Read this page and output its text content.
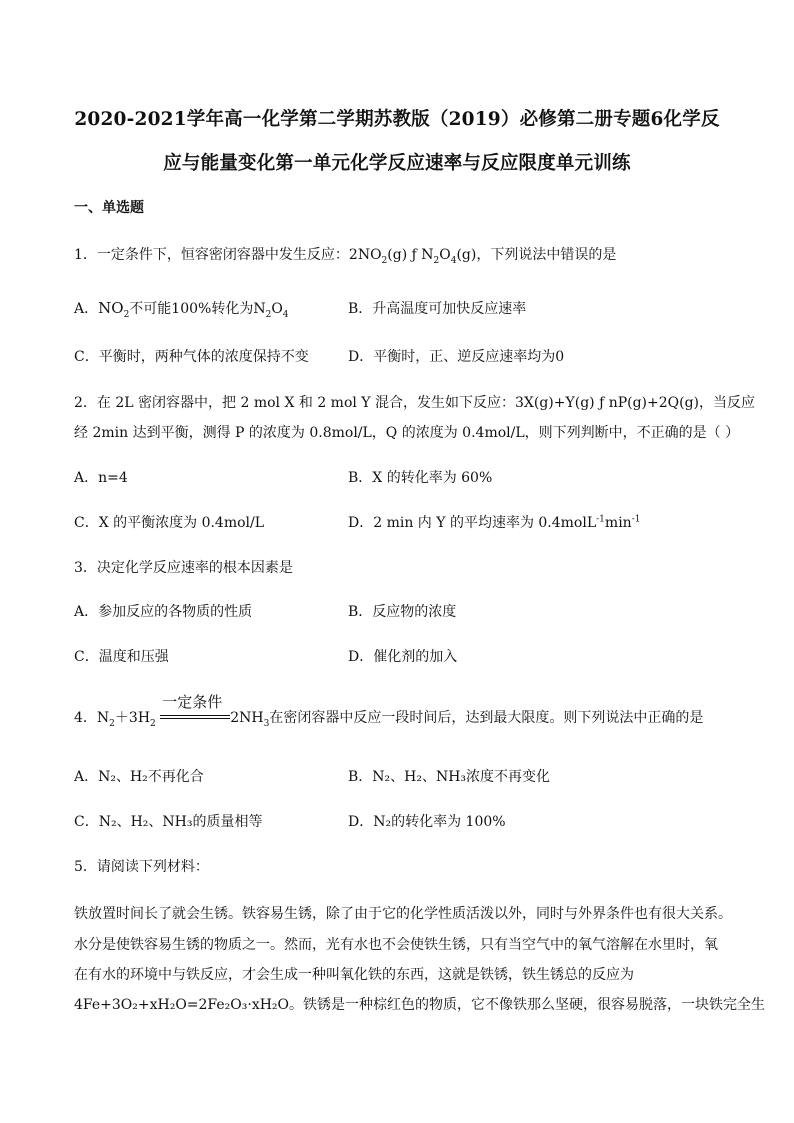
2020-2021学年高一化学第二学期苏教版（2019）必修第二册专题6化学反
应与能量变化第一单元化学反应速率与反应限度单元训练
一、单选题
1．一定条件下，恒容密闭容器中发生反应：$2NO_2(g)$ ƒ $N_2O_4(g)$，下列说法中错误的是
A．$NO_2$不可能100%转化为$N_2O_4$	B．升高温度可加快反应速率
C．平衡时，两种气体的浓度保持不变	D．平衡时，正、逆反应速率均为0
2．在 2L 密闭容器中，把 2 mol X 和 2 mol Y 混合，发生如下反应：3X(g)+Y(g) ƒ nP(g)+2Q(g)，当反应
经 2min 达到平衡，测得 P 的浓度为 0.8mol/L，Q 的浓度为 0.4mol/L，则下列判断中，不正确的是（ ）
A．n=4	B．X 的转化率为 60%
C．X 的平衡浓度为 0.4mol/L	D．2 min 内 Y 的平均速率为 $0.4molL^{-1}\min^{-1}$
3．决定化学反应速率的根本因素是
A．参加反应的各物质的性质	B．反应物的浓度
C．温度和压强	D．催化剂的加入
4．$N_2+3H_2$
一定条件
$2NH_3$在密闭容器中反应一段时间后，达到最大限度。则下列说法中正确的是
A．N₂、H₂不再化合	B．N₂、H₂、NH₃浓度不再变化
C．N₂、H₂、NH₃的质量相等	D．N₂的转化率为 100%
5．请阅读下列材料：
铁放置时间长了就会生锈。铁容易生锈，除了由于它的化学性质活泼以外，同时与外界条件也有很大关系。
水分是使铁容易生锈的物质之一。然而，光有水也不会使铁生锈，只有当空气中的氧气溶解在水里时，氧
在有水的环境中与铁反应，才会生成一种叫氧化铁的东西，这就是铁锈，铁生锈总的反应为
4Fe+3O₂+xH₂O=2Fe₂O₃·xH₂O。铁锈是一种棕红色的物质，它不像铁那么坚硬，很容易脱落，一块铁完全生
